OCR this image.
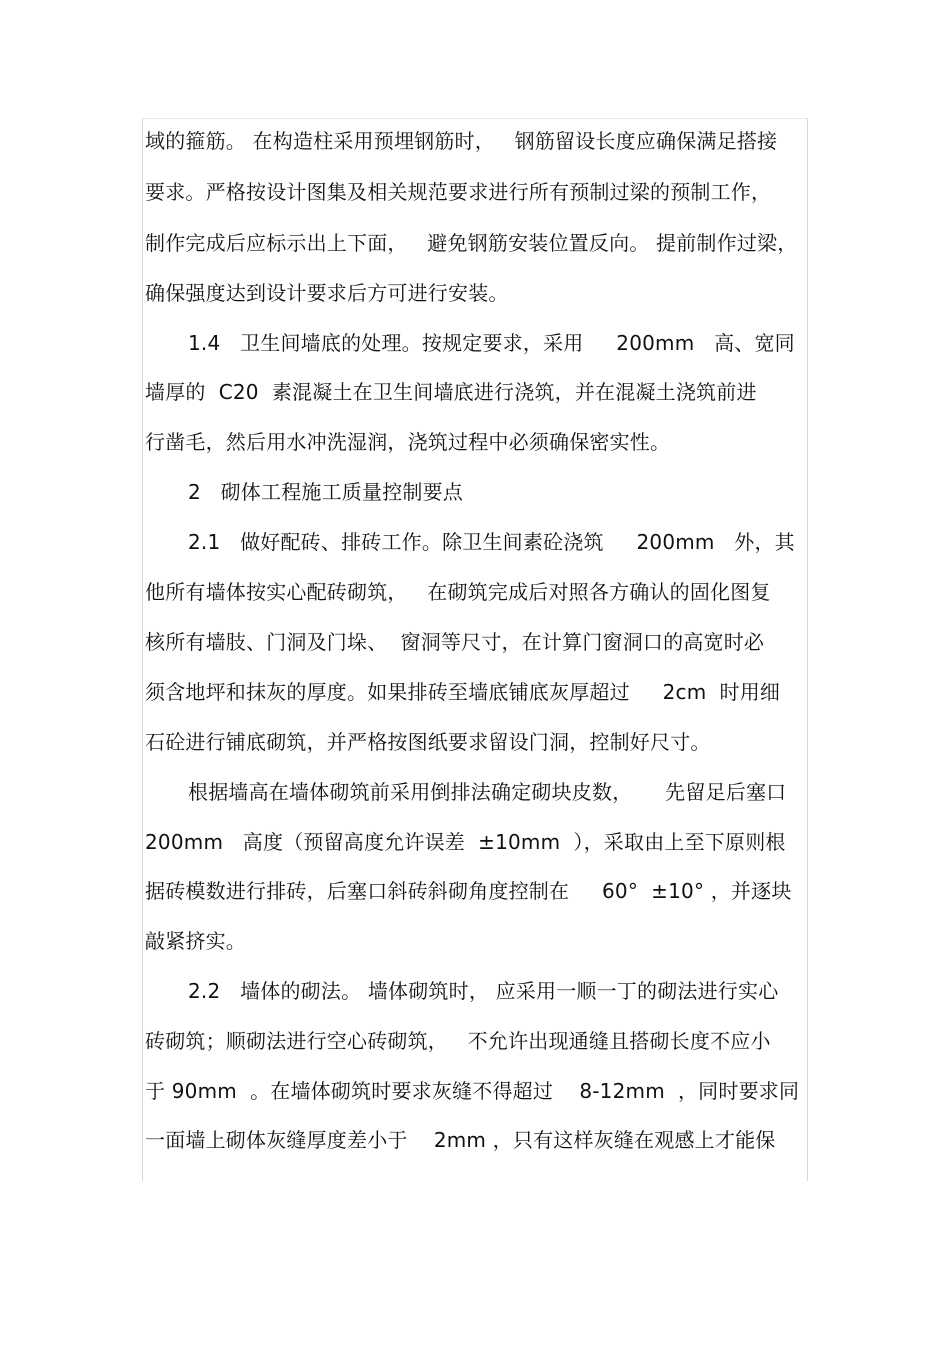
域的箍筋。 在构造柱采用预埋钢筋时，   钢筋留设长度应确保满足搭接
要求。严格按设计图集及相关规范要求进行所有预制过梁的预制工作，
制作完成后应标示出上下面，   避免钢筋安装位置反向。 提前制作过梁，
确保强度达到设计要求后方可进行安装。
1.4   卫生间墙底的处理。按规定要求，采用     200mm   高、宽同
墙厚的  C20  素混凝土在卫生间墙底进行浇筑，并在混凝土浇筑前进
行凿毛，然后用水冲洗湿润，浇筑过程中必须确保密实性。
2   砌体工程施工质量控制要点
2.1   做好配砖、排砖工作。除卫生间素砼浇筑     200mm   外，其
他所有墙体按实心配砖砌筑，   在砌筑完成后对照各方确认的固化图复
核所有墙肢、门洞及门垛、  窗洞等尺寸，在计算门窗洞口的高宽时必
须含地坪和抹灰的厚度。如果排砖至墙底铺底灰厚超过     2cm  时用细
石砼进行铺底砌筑，并严格按图纸要求留设门洞，控制好尺寸。
根据墙高在墙体砌筑前采用倒排法确定砌块皮数，     先留足后塞口
200mm   高度（预留高度允许误差  ±10mm  ），采取由上至下原则根
据砖模数进行排砖，后塞口斜砖斜砌角度控制在     60°  ±10° ，并逐块
敲紧挤实。
2.2   墙体的砌法。 墙体砌筑时， 应采用一顺一丁的砌法进行实心
砖砌筑；顺砌法进行空心砖砌筑，   不允许出现通缝且搭砌长度不应小
于 90mm  。在墙体砌筑时要求灰缝不得超过    8-12mm  ，同时要求同
一面墙上砌体灰缝厚度差小于    2mm ，只有这样灰缝在观感上才能保
